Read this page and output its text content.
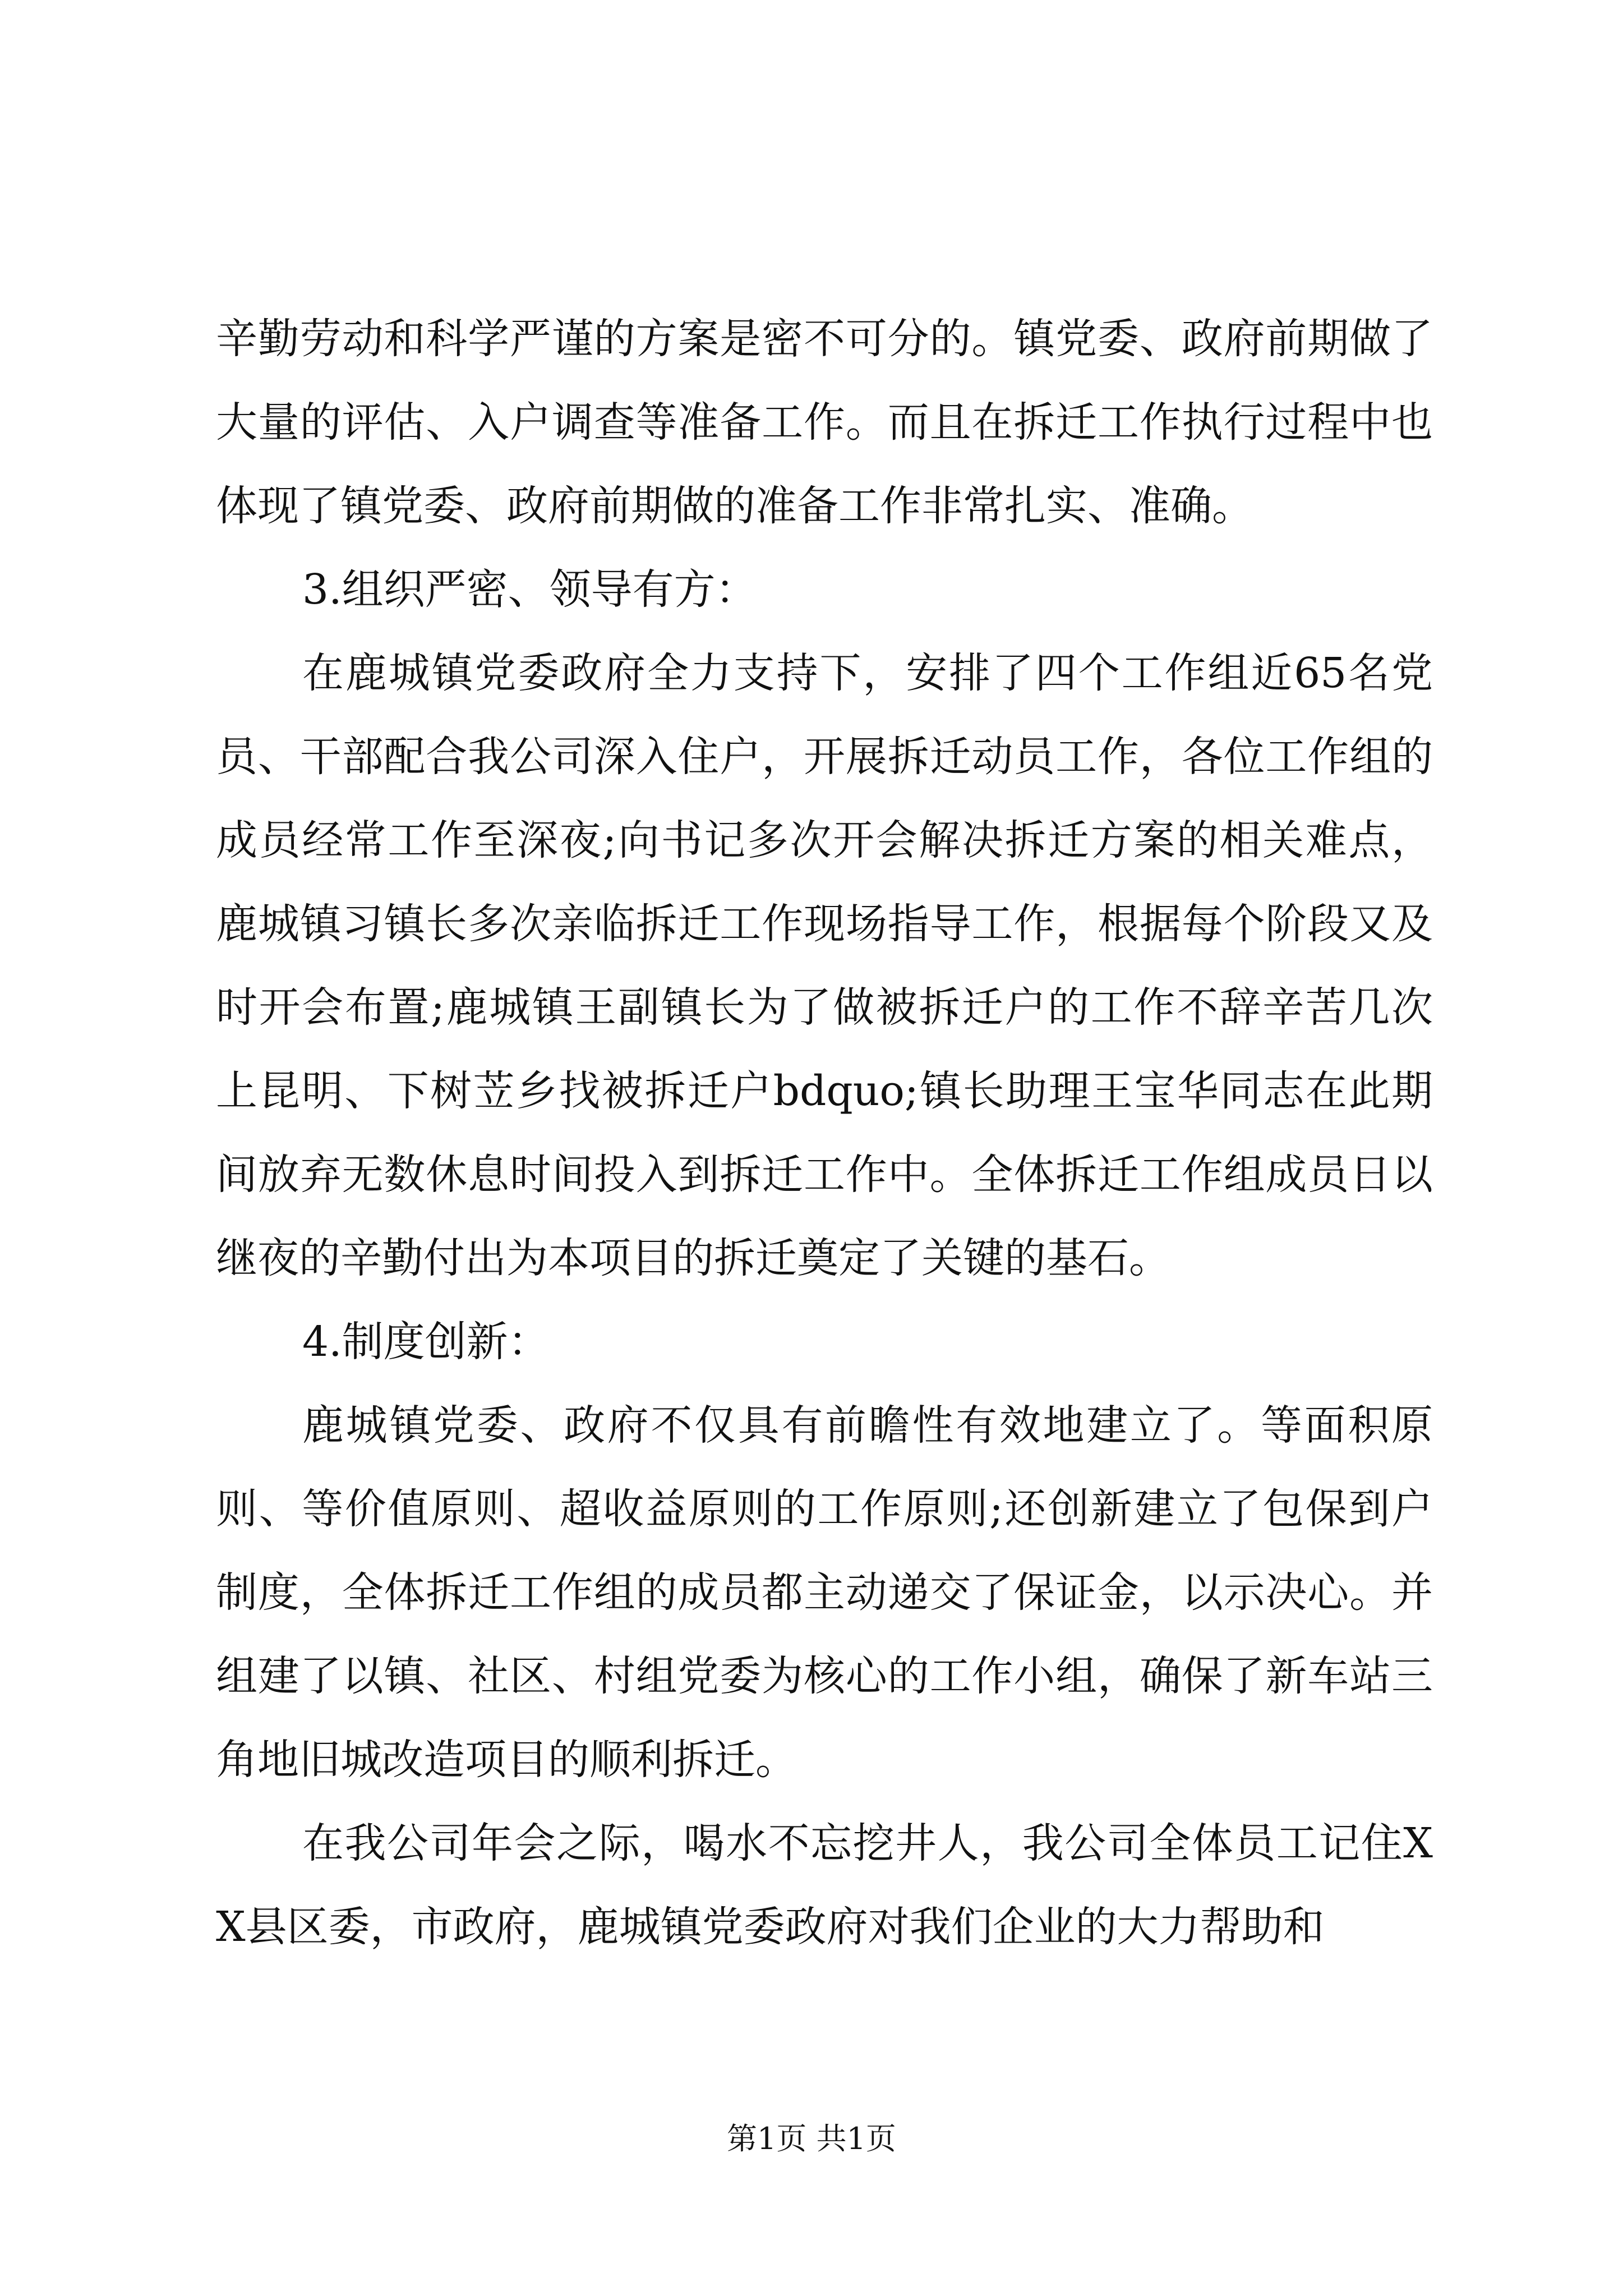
辛勤劳动和科学严谨的方案是密不可分的。镇党委、政府前期做了大量的评估、入户调查等准备工作。而且在拆迁工作执行过程中也体现了镇党委、政府前期做的准备工作非常扎实、准确。

3.组织严密、领导有方：

在鹿城镇党委政府全力支持下，安排了四个工作组近65名党员、干部配合我公司深入住户，开展拆迁动员工作，各位工作组的成员经常工作至深夜;向书记多次开会解决拆迁方案的相关难点，鹿城镇习镇长多次亲临拆迁工作现场指导工作，根据每个阶段又及时开会布置;鹿城镇王副镇长为了做被拆迁户的工作不辞辛苦几次上昆明、下树苙乡找被拆迁户bdquo;镇长助理王宝华同志在此期间放弃无数休息时间投入到拆迁工作中。全体拆迁工作组成员日以继夜的辛勤付出为本项目的拆迁奠定了关键的基石。

4.制度创新：

鹿城镇党委、政府不仅具有前瞻性有效地建立了。等面积原则、等价值原则、超收益原则的工作原则;还创新建立了包保到户制度，全体拆迁工作组的成员都主动递交了保证金，以示决心。并组建了以镇、社区、村组党委为核心的工作小组，确保了新车站三角地旧城改造项目的顺利拆迁。

在我公司年会之际，喝水不忘挖井人，我公司全体员工记住XX县区委，市政府，鹿城镇党委政府对我们企业的大力帮助和

第1页 共1页
